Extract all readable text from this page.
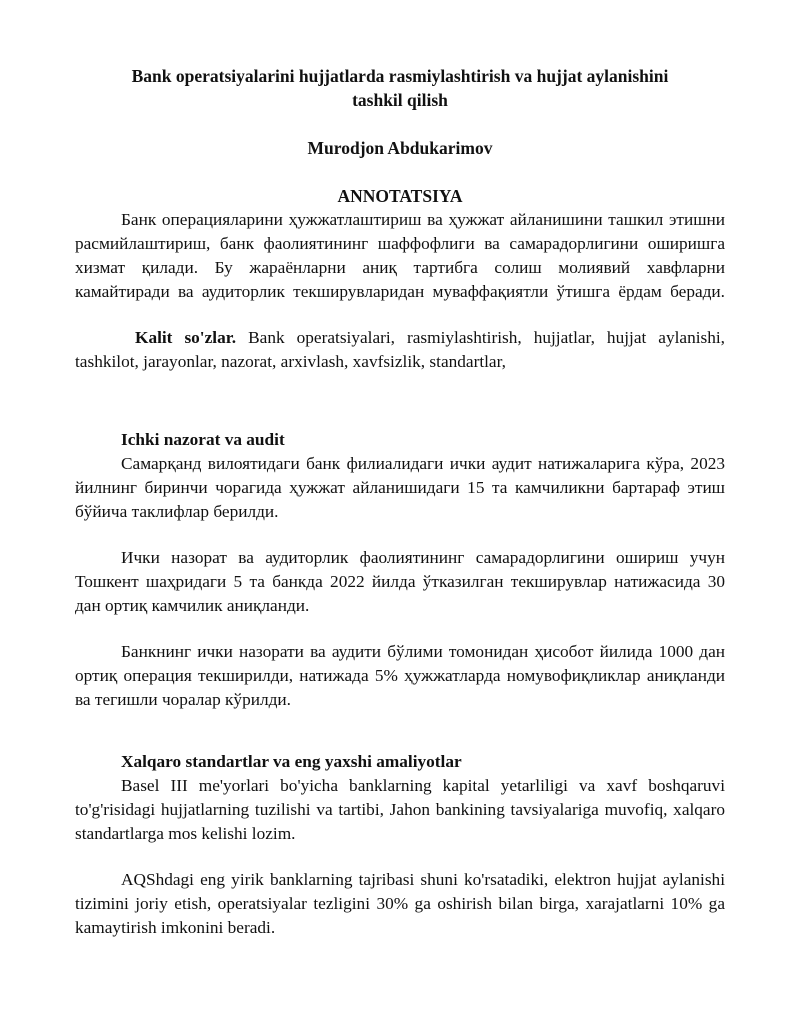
Bank operatsiyalarini hujjatlarda rasmiylashtirish va hujjat aylanishini tashkil qilish
Murodjon Abdukarimov
ANNOTATSIYA

Банк операцияларини ҳужжатлаштириш ва ҳужжат айланишини ташкил этишни расмийлаштириш, банк фаолиятининг шаффофлиги ва самарадорлигини оширишга хизмат қилади. Бу жараёнларни аниқ тартибга солиш молиявий хавфларни камайтиради ва аудиторлик текширувларидан муваффақиятли ўтишга ёрдам беради.

Kalit so'zlar. Bank operatsiyalari, rasmiylashtirish, hujjatlar, hujjat aylanishi, tashkilot, jarayonlar, nazorat, arxivlash, xavfsizlik, standartlar,

Ichki nazorat va audit

Самарқанд вилоятидаги банк филиалидаги ички аудит натижаларига кўра, 2023 йилнинг биринчи чорагида ҳужжат айланишидаги 15 та камчиликни бартараф этиш бўйича таклифлар берилди.

Ички назорат ва аудиторлик фаолиятининг самарадорлигини ошириш учун Тошкент шаҳридаги 5 та банкда 2022 йилда ўтказилган текширувлар натижасида 30 дан ортиқ камчилик аниқланди.

Банкнинг ички назорати ва аудити бўлими томонидан ҳисобот йилида 1000 дан ортиқ операция текширилди, натижада 5% ҳужжатларда номувофиқликлар аниқланди ва тегишли чоралар кўрилди.

Xalqaro standartlar va eng yaxshi amaliyotlar

Basel III me'yorlari bo'yicha banklarning kapital yetarliligi va xavf boshqaruvi to'g'risidagi hujjatlarning tuzilishi va tartibi, Jahon bankining tavsiyalariga muvofiq, xalqaro standartlarga mos kelishi lozim.

AQShdagi eng yirik banklarning tajribasi shuni ko'rsatadiki, elektron hujjat aylanishi tizimini joriy etish, operatsiyalar tezligini 30% ga oshirish bilan birga, xarajatlarni 10% ga kamaytirish imkonini beradi.
